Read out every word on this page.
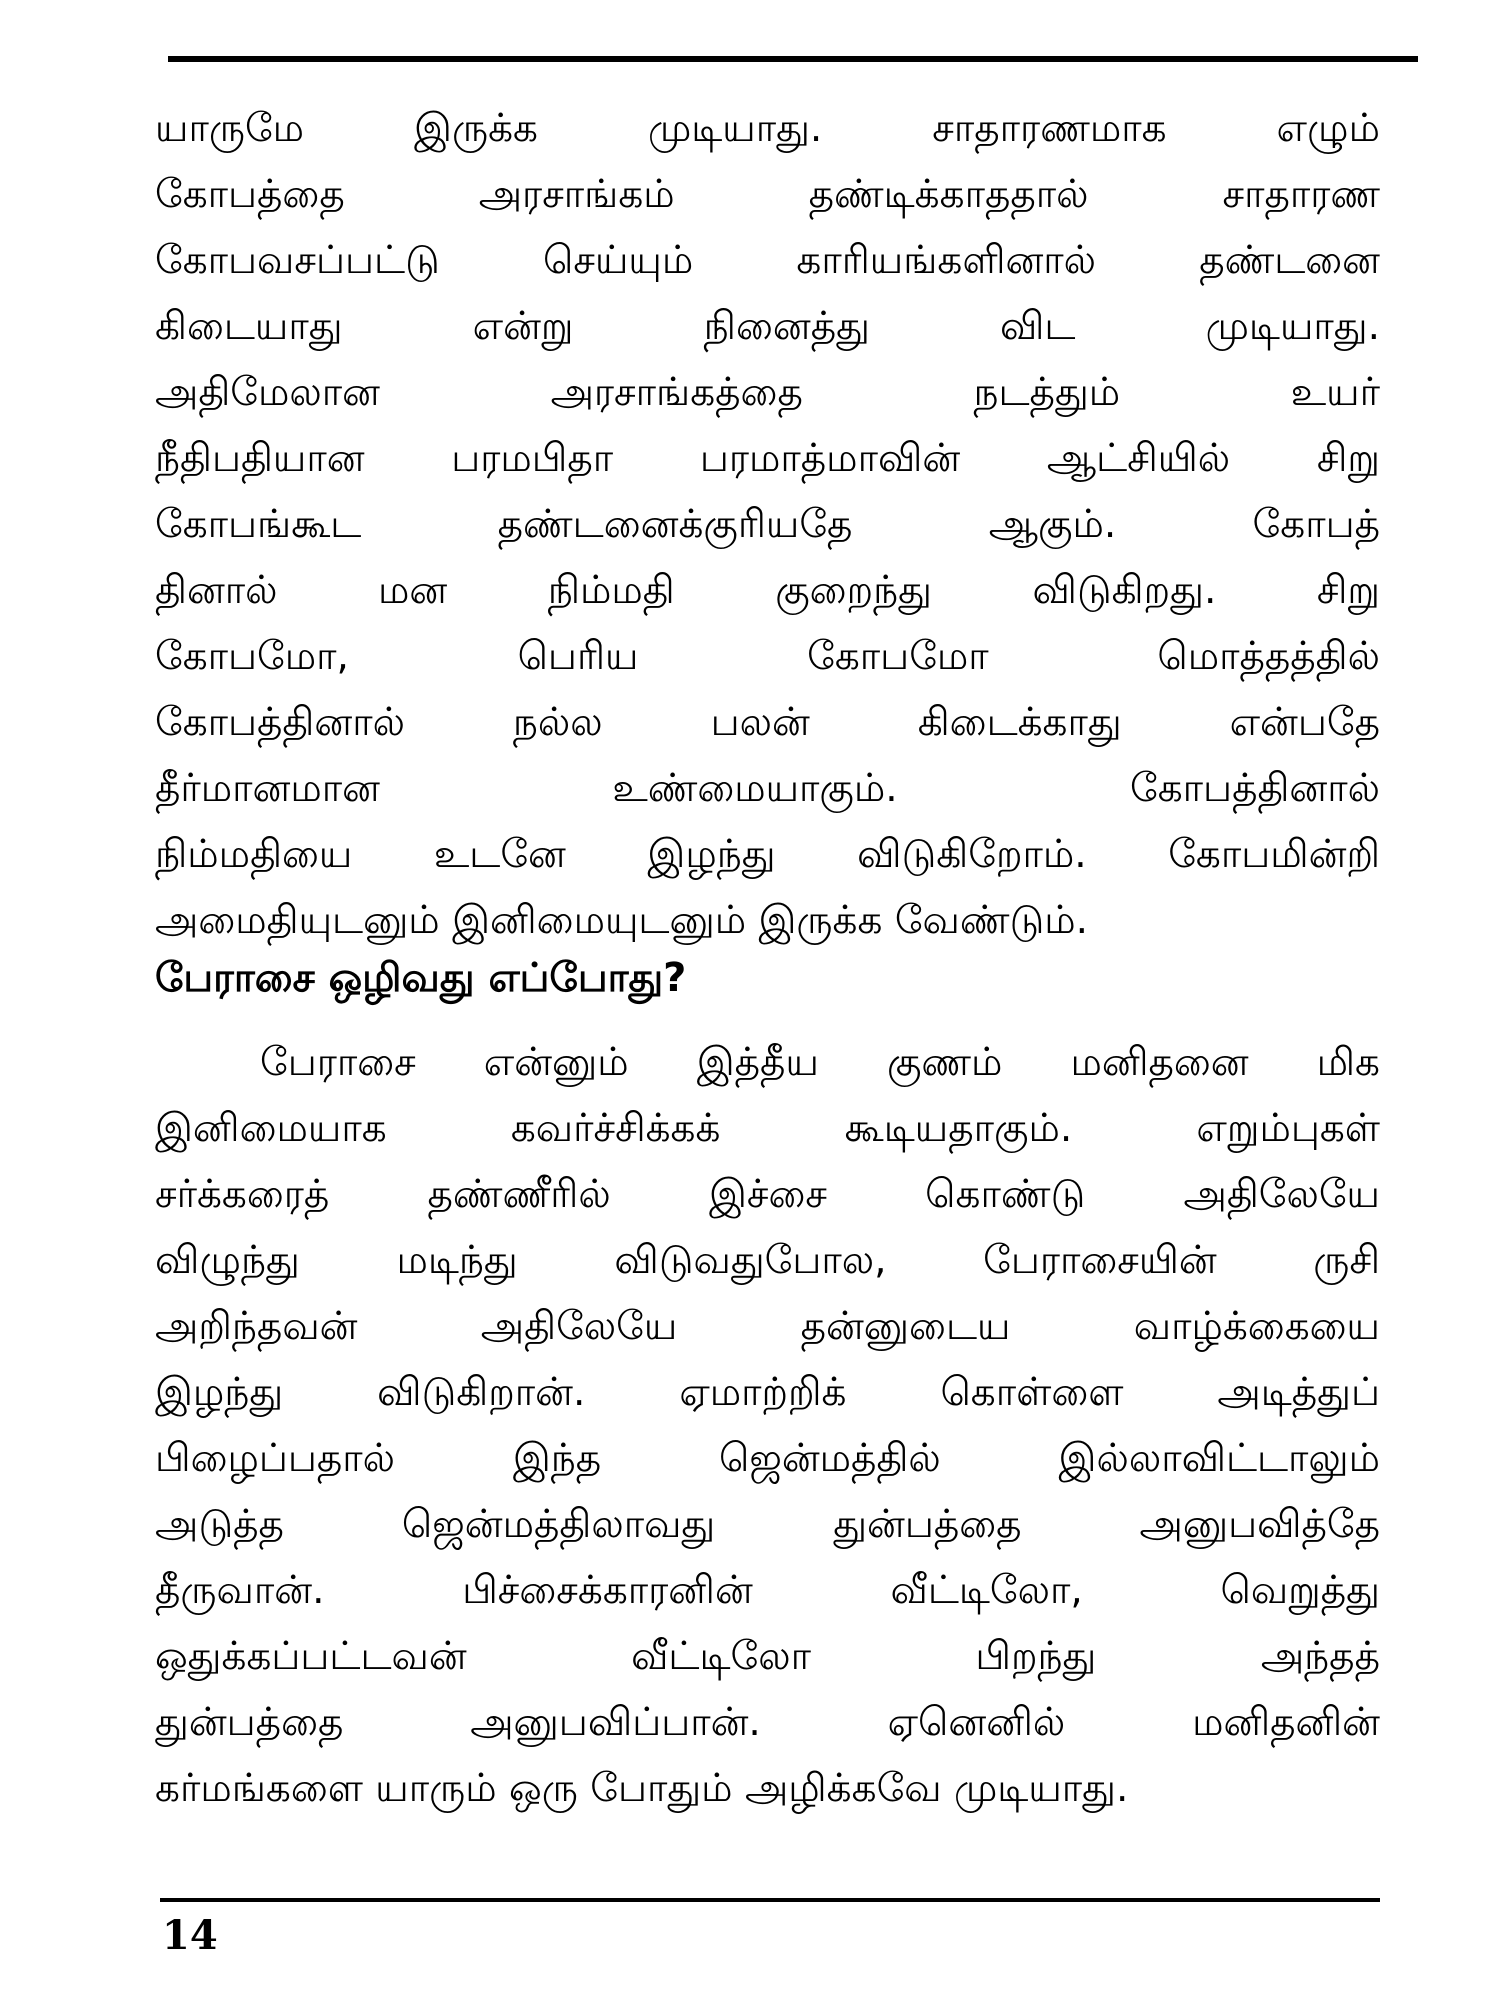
யாருமே இருக்க முடியாது. சாதாரணமாக எழும்
கோபத்தை அரசாங்கம் தண்டிக்காததால் சாதாரண
கோபவசப்பட்டு செய்யும் காரியங்களினால் தண்டனை
கிடையாது என்று நினைத்து விட முடியாது.
அதிமேலான அரசாங்கத்தை நடத்தும் உயர்
நீதிபதியான பரமபிதா பரமாத்மாவின் ஆட்சியில் சிறு
கோபங்கூட தண்டனைக்குரியதே ஆகும். கோபத்
தினால் மன நிம்மதி குறைந்து விடுகிறது. சிறு
கோபமோ, பெரிய கோபமோ மொத்தத்தில்
கோபத்தினால் நல்ல பலன் கிடைக்காது என்பதே
தீர்மானமான உண்மையாகும். கோபத்தினால்
நிம்மதியை உடனே இழந்து விடுகிறோம். கோபமின்றி
அமைதியுடனும் இனிமையுடனும் இருக்க வேண்டும்.
பேராசை ஒழிவது எப்போது?
பேராசை என்னும் இத்தீய குணம் மனிதனை மிக
இனிமையாக கவர்ச்சிக்கக் கூடியதாகும். எறும்புகள்
சர்க்கரைத் தண்ணீரில் இச்சை கொண்டு அதிலேயே
விழுந்து மடிந்து விடுவதுபோல, பேராசையின் ருசி
அறிந்தவன் அதிலேயே தன்னுடைய வாழ்க்கையை
இழந்து விடுகிறான். ஏமாற்றிக் கொள்ளை அடித்துப்
பிழைப்பதால் இந்த ஜென்மத்தில் இல்லாவிட்டாலும்
அடுத்த ஜென்மத்திலாவது துன்பத்தை அனுபவித்தே
தீருவான். பிச்சைக்காரனின் வீட்டிலோ, வெறுத்து
ஒதுக்கப்பட்டவன் வீட்டிலோ பிறந்து அந்தத்
துன்பத்தை அனுபவிப்பான். ஏனெனில் மனிதனின்
கர்மங்களை யாரும் ஒரு போதும் அழிக்கவே முடியாது.
14
